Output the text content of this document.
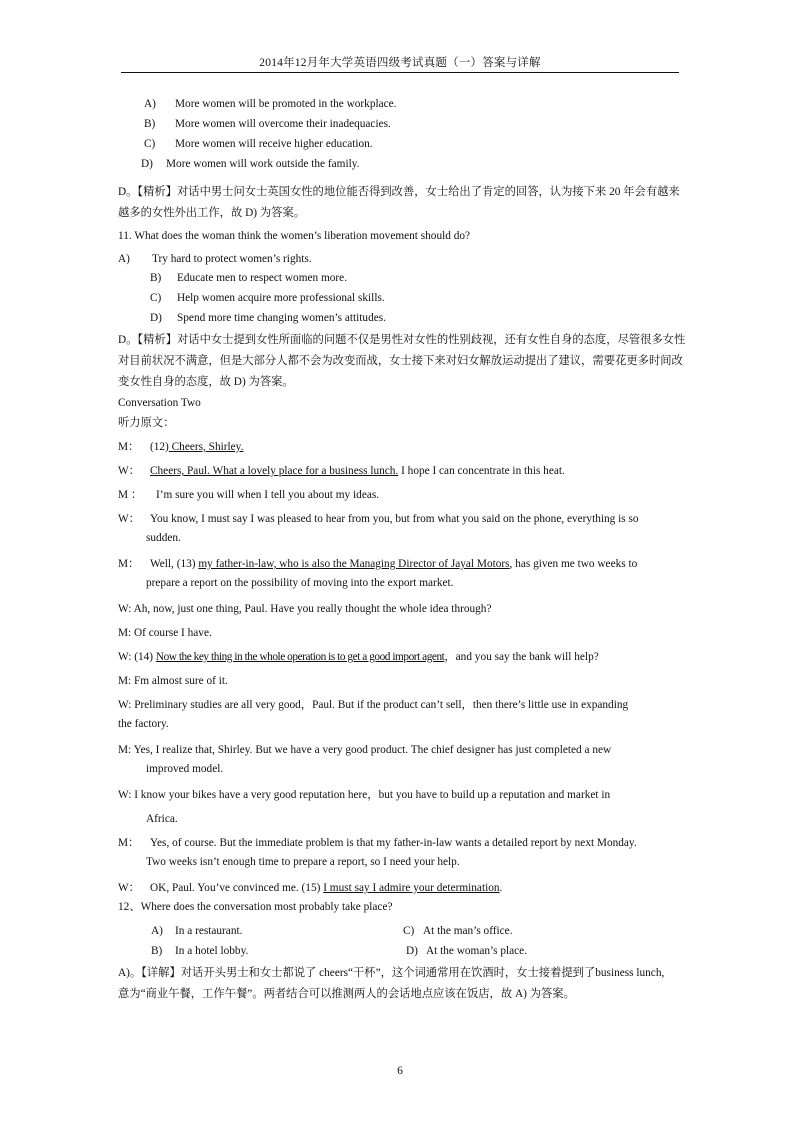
2014年12月年大学英语四级考试真题（一）答案与详解
A)	More women will be promoted in the workplace.
B)	More women will overcome their inadequacies.
C)	More women will receive higher education.
D)	More women will work outside the family.
D。【精析】对话中男士问女士英国女性的地位能否得到改善，女士给出了肯定的回答，认为接下来 20 年会有越来越多的女性外出工作，故 D) 为答案。
11. What does the woman think the women’s liberation movement should do?
A)	Try hard to protect women’s rights.
B)	Educate men to respect women more.
C)	Help women acquire more professional skills.
D)	Spend more time changing women’s attitudes.
D。【精析】对话中女士提到女性所面临的问题不仅是男性对女性的性别歧视，还有女性自身的态度，尽管很多女性对目前状况不满意，但是大部分人都不会为改变而战，女士接下来对妇女解放运动提出了建议，需要花更多时间改变女性自身的态度，故 D) 为答案。
Conversation Two
听力原文：
M： (12) Cheers, Shirley.
W： Cheers, Paul. What a lovely place for a business lunch. I hope I can concentrate in this heat.
M ： I’m sure you will when I tell you about my ideas.
W： You know, I must say I was pleased to hear from you, but from what you said on the phone, everything is so
sudden.
M： Well, (13) my father-in-law, who is also the Managing Director of Jayal Motors, has given me two weeks to
prepare a report on the possibility of moving into the export market.
W: Ah, now, just one thing, Paul. Have you really thought the whole idea through?
M: Of course I have.
W: (14) Now the key thing in the whole operation is to get a good import agent，and you say the bank will help?
M: Fm almost sure of it.
W: Preliminary studies are all very good，Paul. But if the product can’t sell，then there’s little use in expanding
the factory.
M: Yes, I realize that, Shirley. But we have a very good product. The chief designer has just completed a new
improved model.
W: I know your bikes have a very good reputation here，but you have to build up a reputation and market in
Africa.
M： Yes, of course. But the immediate problem is that my father-in-law wants a detailed report by next Monday.
Two weeks isn’t enough time to prepare a report, so I need your help.
W： OK, Paul. You’ve convinced me. (15) I must say I admire your determination.
12、Where does the conversation most probably take place?
A)	In a restaurant.	C) At the man’s office.
B)	In a hotel lobby.	D) At the woman’s place.
A)。【详解】对话开头男士和女士都说了 cheers“干杯”，这个词通常用在饮酒时，女士接着提到了business lunch,意为“商业午餐，工作午餐”。两者结合可以推测两人的会话地点应该在饭店，故 A) 为答案。
6
